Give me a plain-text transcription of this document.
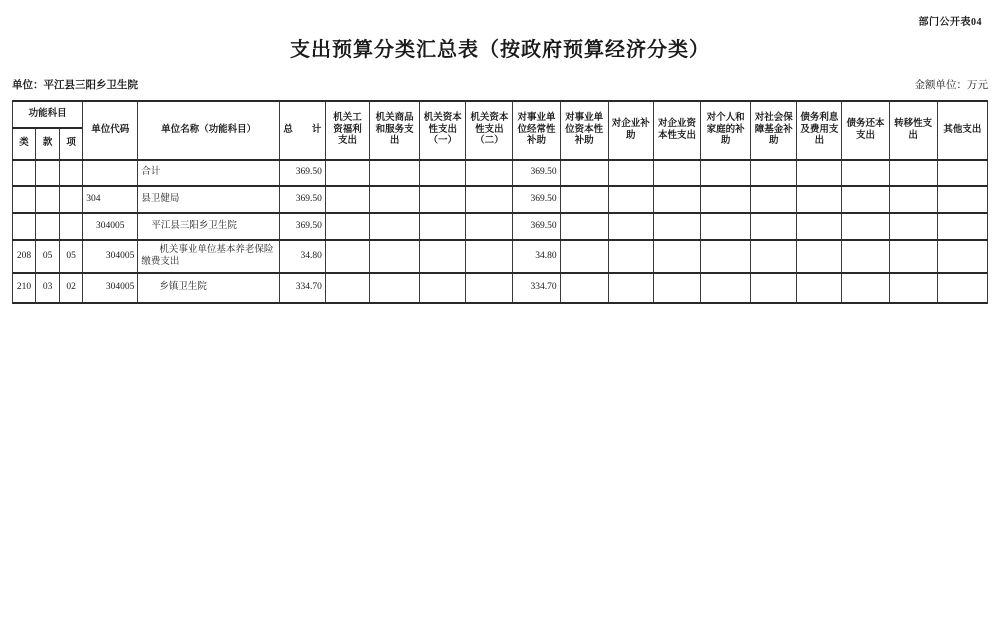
部门公开表04
支出预算分类汇总表（按政府预算经济分类）
单位：平江县三阳乡卫生院	金额单位：万元
功能科目			单位代码	单位名称（功能科目）	总　　计	机关工资福利支出	机关商品和服务支出	机关资本性支出（一）	机关资本性支出（二）	对事业单位经常性补助	对事业单位资本性补助	对企业补助	对企业资本性支出	对个人和家庭的补助	对社会保障基金补助	债务利息及费用支出	债务还本支出	转移性支出	其他支出
类	款	项																	
				合计	369.50					369.50									
			304	县卫健局	369.50					369.50									
			304005	平江县三阳乡卫生院	369.50					369.50									
208	05	05	304005	机关事业单位基本养老保险缴费支出	34.80					34.80									
210	03	02	304005	乡镇卫生院	334.70					334.70									
